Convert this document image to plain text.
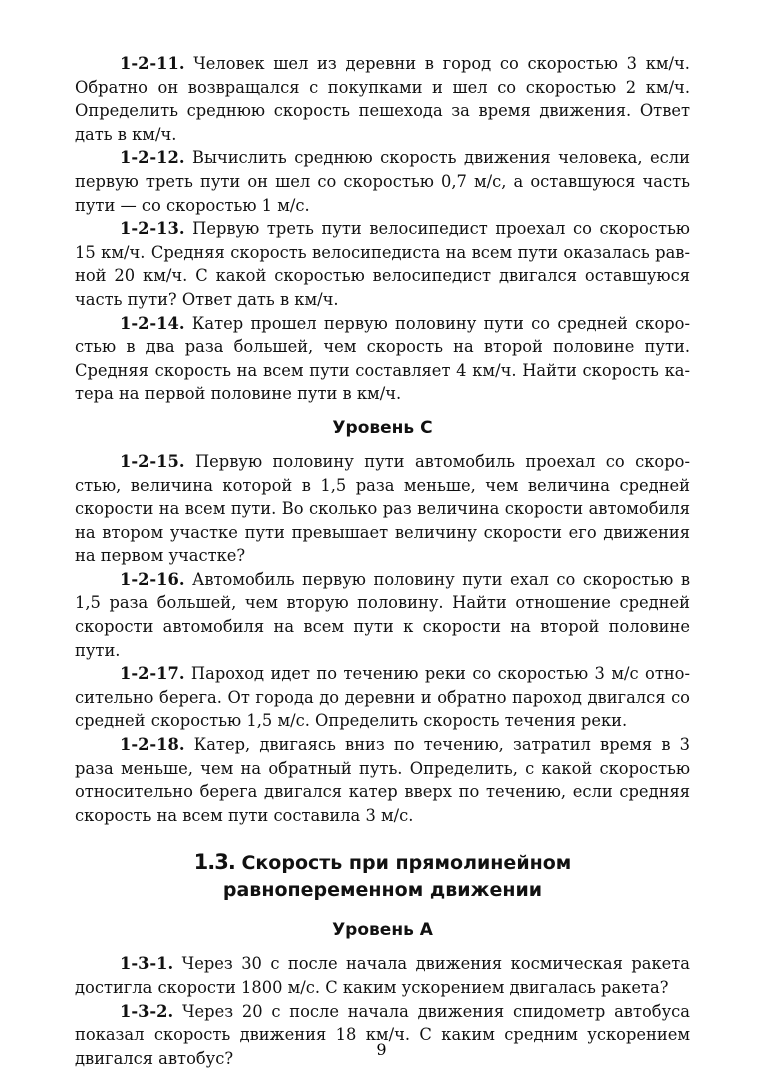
1-2-11. Человек шел из деревни в город со скоростью 3 км/ч. Обратно он возвращался с покупками и шел со скоростью 2 км/ч. Определить среднюю скорость пешехода за время движения. Ответ дать в км/ч.

1-2-12. Вычислить среднюю скорость движения человека, если первую треть пути он шел со скоростью 0,7 м/с, а оставшуюся часть пути — со скоростью 1 м/с.

1-2-13. Первую треть пути велосипедист проехал со скоростью 15 км/ч. Средняя скорость велосипедиста на всем пути оказалась равной 20 км/ч. С какой скоростью велосипедист двигался оставшуюся часть пути? Ответ дать в км/ч.

1-2-14. Катер прошел первую половину пути со средней скоростью в два раза большей, чем скорость на второй половине пути. Средняя скорость на всем пути составляет 4 км/ч. Найти скорость катера на первой половине пути в км/ч.

Уровень С

1-2-15. Первую половину пути автомобиль проехал со скоростью, величина которой в 1,5 раза меньше, чем величина средней скорости на всем пути. Во сколько раз величина скорости автомобиля на втором участке пути превышает величину скорости его движения на первом участке?

1-2-16. Автомобиль первую половину пути ехал со скоростью в 1,5 раза большей, чем вторую половину. Найти отношение средней скорости автомобиля на всем пути к скорости на второй половине пути.

1-2-17. Пароход идет по течению реки со скоростью 3 м/с относительно берега. От города до деревни и обратно пароход двигался со средней скоростью 1,5 м/с. Определить скорость течения реки.

1-2-18. Катер, двигаясь вниз по течению, затратил время в 3 раза меньше, чем на обратный путь. Определить, с какой скоростью относительно берега двигался катер вверх по течению, если средняя скорость на всем пути составила 3 м/с.

1.3. Скорость при прямолинейном
равнопеременном движении
Уровень А

1-3-1. Через 30 с после начала движения космическая ракета достигла скорости 1800 м/с. С каким ускорением двигалась ракета?

1-3-2. Через 20 с после начала движения спидометр автобуса показал скорость движения 18 км/ч. С каким средним ускорением двигался автобус?	9
